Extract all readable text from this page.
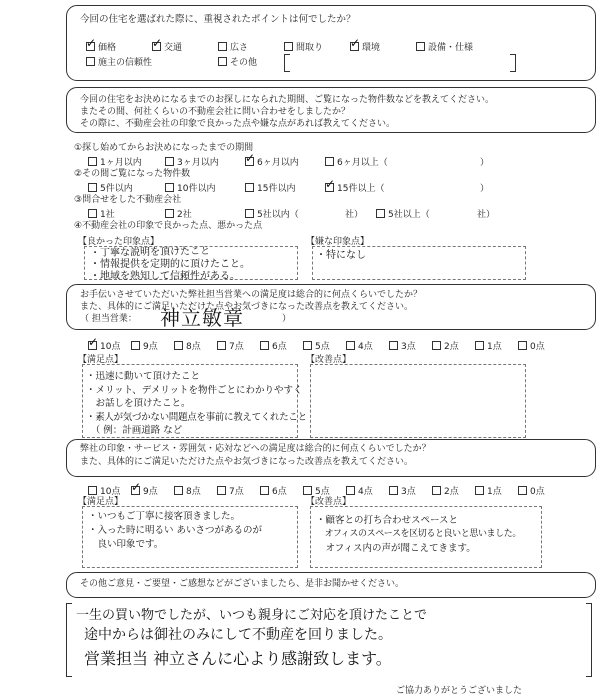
今回の住宅を選ばれた際に、重視されたポイントは何でしたか？
✓
価格 ✓	交通	広さ	間取り ✓	環境	設備・仕様
施主の信頼性	その他
今回の住宅をお決めになるまでのお探しになられた期間、ご覧になった物件数などを教えてください。
またその間、何社くらいの不動産会社に問い合わせをしましたか？
その際に、不動産会社の印象で良かった点や嫌な点があれば教えてください。
①探し始めてからお決めになったまでの期間
1ヶ月以内	3ヶ月以内 ✓	6ヶ月以内	6ヶ月以上（	）
②その間ご覧になった物件数
5件以内	10件以内	15件以内 ✓	15件以上（	）
③問合せをした不動産会社
1社	2社	5社以内（	社）	5社以上（	社）
④不動産会社の印象で良かった点、悪かった点
【良かった印象点】
・丁寧な説明を頂けたこと
・情報提供を定期的に頂けたこと。
・地域を熟知して信頼性がある。
【嫌な印象点】
・特になし
お手伝いさせていただいた弊社担当営業への満足度は総合的に何点くらいでしたか？
また、具体的にご満足いただけた点やお気づきになった改善点を教えてください。
（ 担当営業： 神立敏章	）
✓
10点	9点	8点	7点	6点	5点	4点	3点	2点	1点	0点
【満足点】
・迅速に動いて頂けたこと
・メリット、デメリットを物件ごとにわかりやすく
　お話しを頂けたこと。
・素人が気づかない問題点を事前に教えてくれたこと
　（ 例：計画道路 など
【改善点】
弊社の印象・サービス・雰囲気・応対などへの満足度は総合的に何点くらいでしたか？
また、具体的にご満足いただけた点やお気づきになった改善点を教えてください。
10点 ✓	9点	8点	7点	6点	5点	4点	3点	2点	1点	0点
【満足点】
・いつもご丁寧に接客頂きました。
・入った時に明るい あいさつがあるのが
　良い印象です。
【改善点】
・顧客との打ち合わせスペースと
　オフィスのスペースを区切ると良いと思いました。
　オフィス内の声が聞こえてきます。
その他ご意見・ご要望・ご感想などがございましたら、是非お聞かせください。
一生の買い物でしたが、いつも親身にご対応を頂けたことで
途中からは御社のみにして不動産を回りました。
営業担当 神立さんに心より感謝致します。
ご協力ありがとうございました
